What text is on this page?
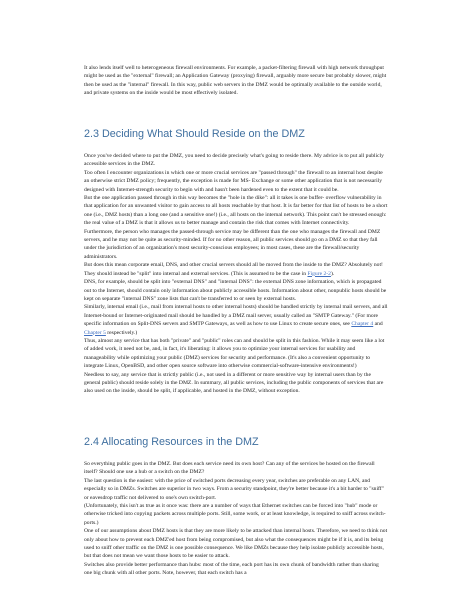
It also lends itself well to heterogeneous firewall environments. For example, a packet-filtering firewall with high network throughput might be used as the "external" firewall; an Application Gateway (proxying) firewall, arguably more secure but probably slower, might then be used as the "internal" firewall. In this way, public web servers in the DMZ would be optimally available to the outside world, and private systems on the inside would be most effectively isolated.

2.3 Deciding What Should Reside on the DMZ

Once you've decided where to put the DMZ, you need to decide precisely what's going to reside there. My advice is to put all publicly accessible services in the DMZ.

Too often I encounter organizations in which one or more crucial services are "passed through" the firewall to an internal host despite an otherwise strict DMZ policy; frequently, the exception is made for MS- Exchange or some other application that is not necessarily designed with Internet-strength security to begin with and hasn't been hardened even to the extent that it could be.

But the one application passed through in this way becomes the "hole in the dike": all it takes is one buffer- overflow vulnerability in that application for an unwanted visitor to gain access to all hosts reachable by that host. It is far better for that list of hosts to be a short one (i.e., DMZ hosts) than a long one (and a sensitive one!) (i.e., all hosts on the internal network). This point can't be stressed enough: the real value of a DMZ is that it allows us to better manage and contain the risk that comes with Internet connectivity.

Furthermore, the person who manages the passed-through service may be different than the one who manages the firewall and DMZ servers, and he may not be quite as security-minded. If for no other reason, all public services should go on a DMZ so that they fall under the jurisdiction of an organization's most security-conscious employees; in most cases, these are the firewall/security administrators.

But does this mean corporate email, DNS, and other crucial servers should all be moved from the inside to the DMZ? Absolutely not! They should instead be "split" into internal and external services. (This is assumed to be the case in Figure 2-2).

DNS, for example, should be split into "external DNS" and "internal DNS": the external DNS zone information, which is propagated out to the Internet, should contain only information about publicly accessible hosts. Information about other, nonpublic hosts should be kept on separate "internal DNS" zone lists that can't be transferred to or seen by external hosts.

Similarly, internal email (i.e., mail from internal hosts to other internal hosts) should be handled strictly by internal mail servers, and all Internet-bound or Internet-originated mail should be handled by a DMZ mail server, usually called an "SMTP Gateway." (For more specific information on Split-DNS servers and SMTP Gateways, as well as how to use Linux to create secure ones, see Chapter 4 and Chapter 5 respectively.)

Thus, almost any service that has both "private" and "public" roles can and should be split in this fashion. While it may seem like a lot of added work, it need not be, and, in fact, it's liberating: it allows you to optimize your internal services for usability and manageability while optimizing your public (DMZ) services for security and performance. (It's also a convenient opportunity to integrate Linux, OpenBSD, and other open source software into otherwise commercial-software-intensive environments!)

Needless to say, any service that is strictly public (i.e., not used in a different or more sensitive way by internal users than by the general public) should reside solely in the DMZ. In summary, all public services, including the public components of services that are also used on the inside, should be split, if applicable, and hosted in the DMZ, without exception.

2.4 Allocating Resources in the DMZ

So everything public goes in the DMZ. But does each service need its own host? Can any of the services be hosted on the firewall itself? Should one use a hub or a switch on the DMZ?

The last question is the easiest: with the price of switched ports decreasing every year, switches are preferable on any LAN, and especially so in DMZs. Switches are superior in two ways. From a security standpoint, they're better because it's a bit harder to "sniff" or eavesdrop traffic not delivered to one's own switch-port.

(Unfortunately, this isn't as true as it once was: there are a number of ways that Ethernet switches can be forced into "hub" mode or otherwise tricked into copying packets across multiple ports. Still, some work, or at least knowledge, is required to sniff across switch-ports.)

One of our assumptions about DMZ hosts is that they are more likely to be attacked than internal hosts. Therefore, we need to think not only about how to prevent each DMZ'ed host from being compromised, but also what the consequences might be if it is, and its being used to sniff other traffic on the DMZ is one possible consequence. We like DMZs because they help isolate publicly accessible hosts, but that does not mean we want those hosts to be easier to attack.

Switches also provide better performance than hubs: most of the time, each port has its own chunk of bandwidth rather than sharing one big chunk with all other ports. Note, however, that each switch has a
